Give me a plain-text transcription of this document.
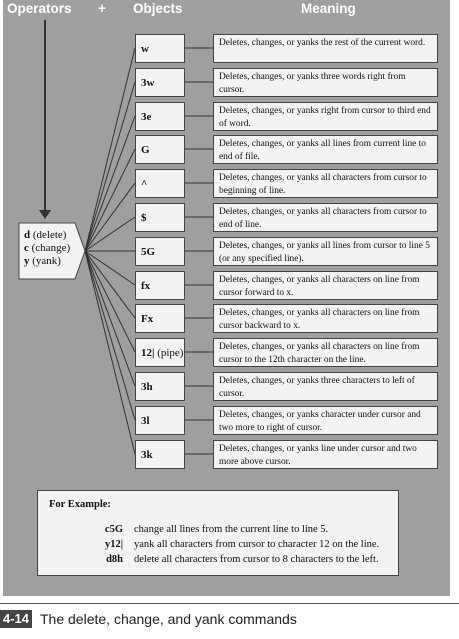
Operators + Objects	Meaning
d (delete)
c (change)
y (yank)
w	Deletes, changes, or yanks the rest of the current word.
3w	Deletes, changes, or yanks three words right from cursor.
3e	Deletes, changes, or yanks right from cursor to third end of word.
G	Deletes, changes, or yanks all lines from current line to end of file.
^	Deletes, changes, or yanks all characters from cursor to beginning of line.
$	Deletes, changes, or yanks all characters from cursor to end of line.
5G	Deletes, changes, or yanks all lines from cursor to line 5 (or any specified line).
fx	Deletes, changes, or yanks all characters on line from cursor forward to x.
Fx	Deletes, changes, or yanks all characters on line from cursor backward to x.
12| (pipe)	Deletes, changes, or yanks all characters on line from cursor to the 12th character on the line.
3h	Deletes, changes, or yanks three characters to left of cursor.
3l	Deletes, changes, or yanks character under cursor and two more to right of cursor.
3k	Deletes, changes, or yanks line under cursor and two more above cursor.
For Example:
c5G change all lines from the current line to line 5.
y12| yank all characters from cursor to character 12 on the line.
d8h delete all characters from cursor to 8 characters to the left.
4-14 The delete, change, and yank commands
